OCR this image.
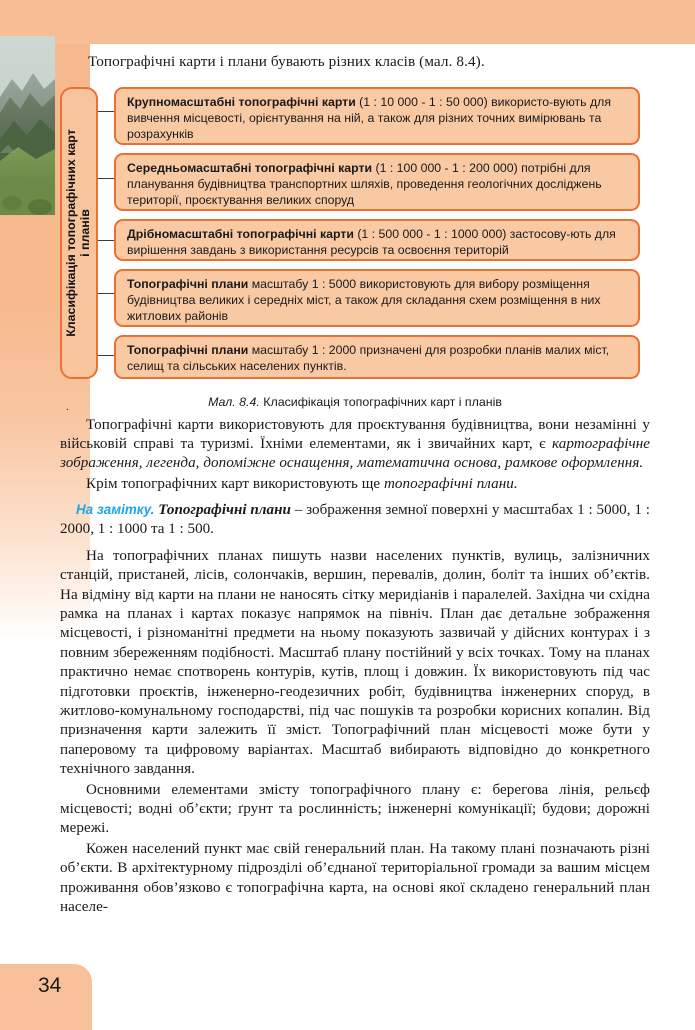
34

Топографічні карти і плани бувають різних класів (мал. 8.4).

Класифікація топографічних карт і планів
Крупномасштабні топографічні карти (1 : 10 000 - 1 : 50 000) використо-вують для вивчення місцевості, орієнтування на ній, а також для різних точних вимірювань та розрахунків
Середньомасштабні топографічні карти (1 : 100 000 - 1 : 200 000) потрібні для планування будівництва транспортних шляхів, проведення геологічних досліджень території, проєктування великих споруд
Дрібномасштабні топографічні карти (1 : 500 000 - 1 : 1000 000) застосову-ють для вирішення завдань з використання ресурсів та освоєння територій
Топографічні плани масштабу 1 : 5000 використовують для вибору розміщення будівництва великих і середніх міст, а також для складання схем розміщення в них житлових районів
Топографічні плани масштабу 1 : 2000 призначені для розробки планів малих міст, селищ та сільських населених пунктів.
.	Мал. 8.4. Класифікація топографічних карт і планів

Топографічні карти використовують для проєктування будівництва, вони незамінні у військовій справі та туризмі. Їхніми елементами, як і звичайних карт, є картографічне зображення, легенда, допоміжне оснащення, математична основа, рамкове оформлення.

Крім топографічних карт використовують ще топографічні плани.

На замітку. Топографічні плани – зображення земної поверхні у масштабах 1 : 5000, 1 : 2000, 1 : 1000 та 1 : 500.

На топографічних планах пишуть назви населених пунктів, вулиць, залізничних станцій, пристаней, лісів, солончаків, вершин, перевалів, долин, боліт та інших об’єктів. На відміну від карти на плани не наносять сітку меридіанів і паралелей. Західна чи східна рамка на планах і картах показує напрямок на північ. План дає детальне зображення місцевості, і різноманітні предмети на ньому показують зазвичай у дійсних контурах і з повним збереженням подібності. Масштаб плану постійний у всіх точках. Тому на планах практично немає спотворень контурів, кутів, площ і довжин. Їх використовують під час підготовки проєктів, інженерно-геодезичних робіт, будівництва інженерних споруд, в житлово-комунальному господарстві, під час пошуків та розробки корисних копалин. Від призначення карти залежить її зміст. Топографічний план місцевості може бути у паперовому та цифровому варіантах. Масштаб вибирають відповідно до конкретного технічного завдання.

Основними елементами змісту топографічного плану є: берегова лінія, рельєф місцевості; водні об’єкти; ґрунт та рослинність; інженерні комунікації; будови; дорожні мережі.

Кожен населений пункт має свій генеральний план. На такому плані позначають різні об’єкти. В архітектурному підрозділі об’єднаної територіальної громади за вашим місцем проживання обов’язково є топографічна карта, на основі якої складено генеральний план населе-
